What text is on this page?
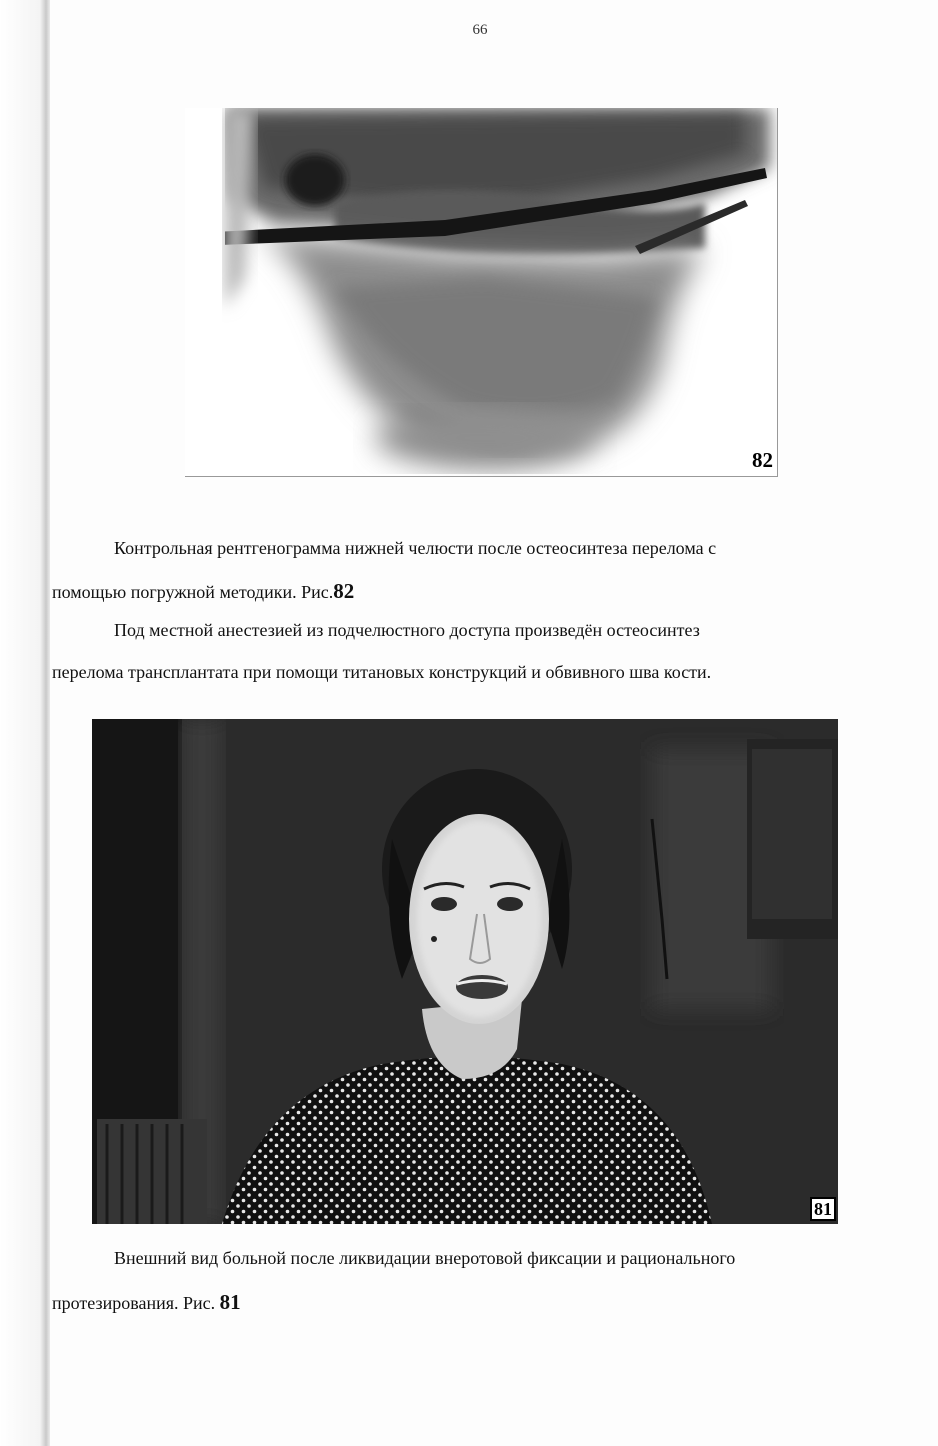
66
82
Контрольная рентгенограмма нижней челюсти после остеосинтеза перелома с
помощью погружной методики. Рис.82
Под местной анестезией из подчелюстного доступа произведён остеосинтез
перелома трансплантата при помощи титановых конструкций и обвивного шва кости.
81
Внешний вид больной после ликвидации внеротовой фиксации и рационального
протезирования. Рис. 81
